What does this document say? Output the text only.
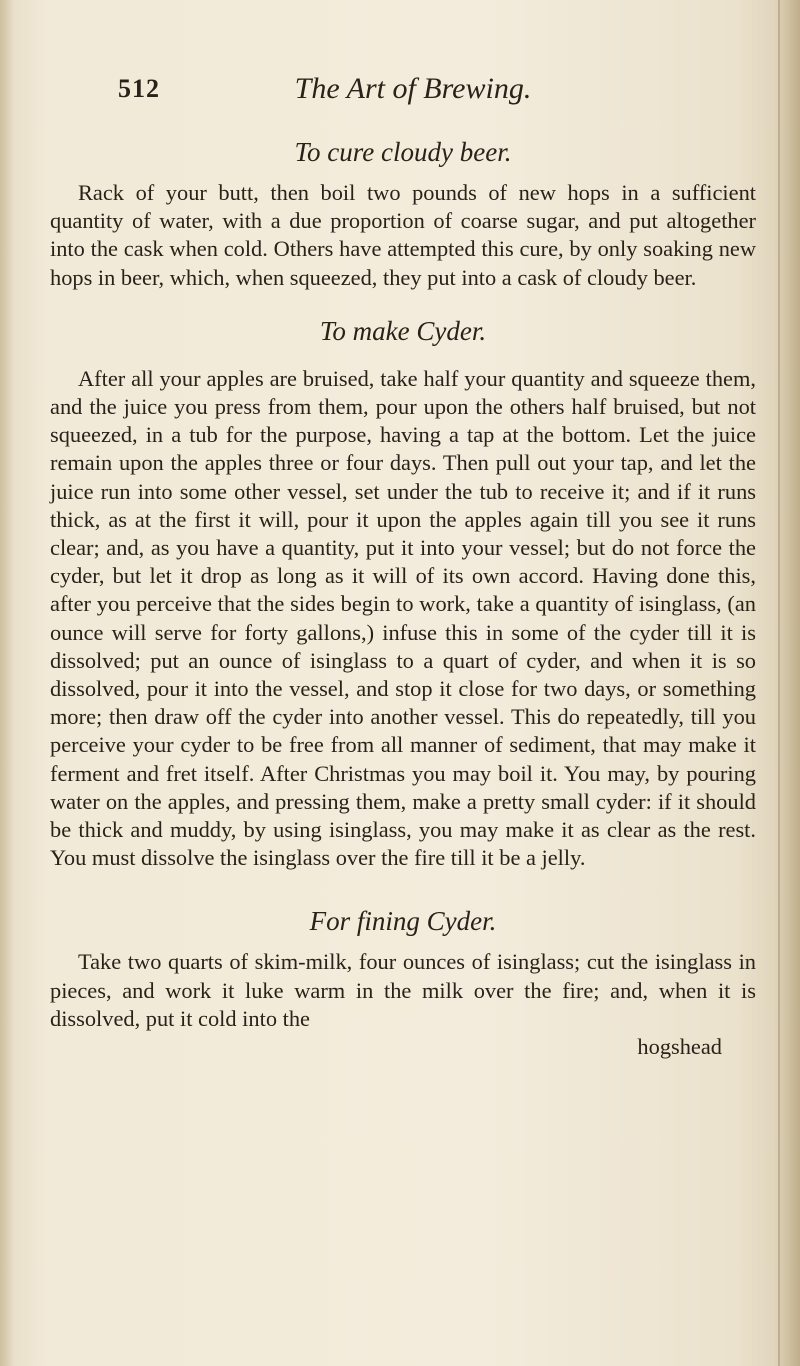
512	The Art of Brewing.
To cure cloudy beer.

Rack of your butt, then boil two pounds of new hops in a sufficient quantity of water, with a due proportion of coarse sugar, and put altogether into the cask when cold. Others have attempted this cure, by only soaking new hops in beer, which, when squeezed, they put into a cask of cloudy beer.

To make Cyder.

After all your apples are bruised, take half your quantity and squeeze them, and the juice you press from them, pour upon the others half bruised, but not squeezed, in a tub for the purpose, having a tap at the bottom. Let the juice remain upon the apples three or four days. Then pull out your tap, and let the juice run into some other vessel, set under the tub to receive it; and if it runs thick, as at the first it will, pour it upon the apples again till you see it runs clear; and, as you have a quantity, put it into your vessel; but do not force the cyder, but let it drop as long as it will of its own accord. Having done this, after you perceive that the sides begin to work, take a quantity of isinglass, (an ounce will serve for forty gallons,) infuse this in some of the cyder till it is dissolved; put an ounce of isinglass to a quart of cyder, and when it is so dissolved, pour it into the vessel, and stop it close for two days, or something more; then draw off the cyder into another vessel. This do repeatedly, till you perceive your cyder to be free from all manner of sediment, that may make it ferment and fret itself. After Christmas you may boil it. You may, by pouring water on the apples, and pressing them, make a pretty small cyder: if it should be thick and muddy, by using isinglass, you may make it as clear as the rest. You must dissolve the isinglass over the fire till it be a jelly.

For fining Cyder.

Take two quarts of skim-milk, four ounces of isinglass; cut the isinglass in pieces, and work it luke warm in the milk over the fire; and, when it is dissolved, put it cold into the

hogshead
